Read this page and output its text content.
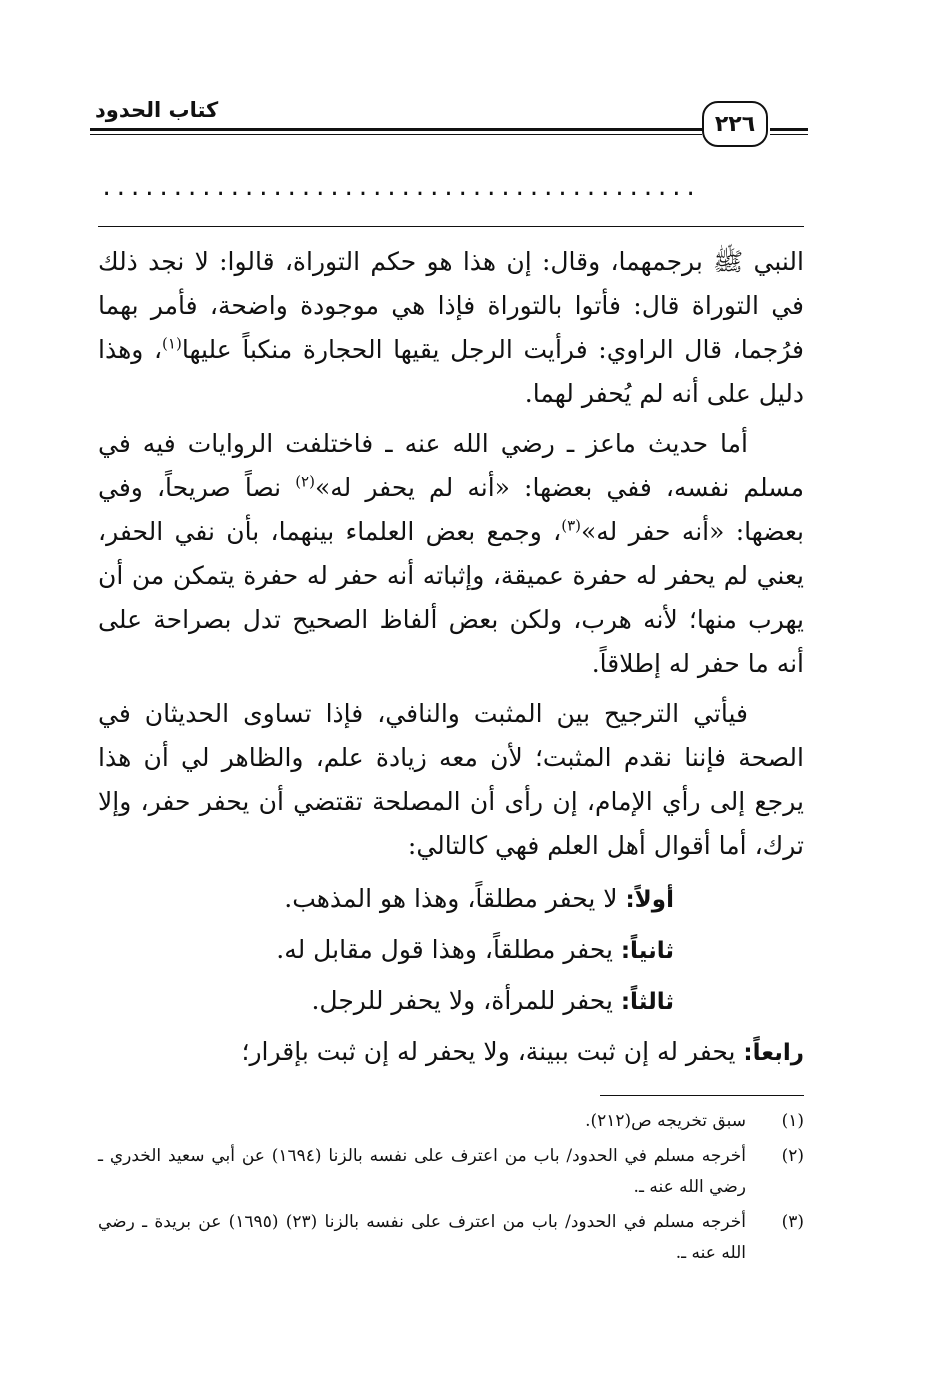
كتاب الحدود
٢٢٦
..........................................

النبي ﷺ برجمهما، وقال: إن هذا هو حكم التوراة، قالوا: لا نجد ذلك في التوراة قال: فأتوا بالتوراة فإذا هي موجودة واضحة، فأمر بهما فرُجما، قال الراوي: فرأيت الرجل يقيها الحجارة منكباً عليها$^{(١)}$، وهذا دليل على أنه لم يُحفر لهما.

أما حديث ماعز ـ رضي الله عنه ـ فاختلفت الروايات فيه في مسلم نفسه، ففي بعضها: «أنه لم يحفر له»$^{(٢)}$ نصاً صريحاً، وفي بعضها: «أنه حفر له»$^{(٣)}$، وجمع بعض العلماء بينهما، بأن نفي الحفر، يعني لم يحفر له حفرة عميقة، وإثباته أنه حفر له حفرة يتمكن من أن يهرب منها؛ لأنه هرب، ولكن بعض ألفاظ الصحيح تدل بصراحة على أنه ما حفر له إطلاقاً.

فيأتي الترجيح بين المثبت والنافي، فإذا تساوى الحديثان في الصحة فإننا نقدم المثبت؛ لأن معه زيادة علم، والظاهر لي أن هذا يرجع إلى رأي الإمام، إن رأى أن المصلحة تقتضي أن يحفر حفر، وإلا ترك، أما أقوال أهل العلم فهي كالتالي:

أولاً: لا يحفر مطلقاً، وهذا هو المذهب.

ثانياً: يحفر مطلقاً، وهذا قول مقابل له.

ثالثاً: يحفر للمرأة، ولا يحفر للرجل.

رابعاً: يحفر له إن ثبت ببينة، ولا يحفر له إن ثبت بإقرار؛

(١)
سبق تخريجه ص(٢١٢).
(٢)
أخرجه مسلم في الحدود/ باب من اعترف على نفسه بالزنا (١٦٩٤) عن أبي سعيد الخدري ـ رضي الله عنه ـ.
(٣)
أخرجه مسلم في الحدود/ باب من اعترف على نفسه بالزنا (٢٣) (١٦٩٥) عن بريدة ـ رضي الله عنه ـ.
